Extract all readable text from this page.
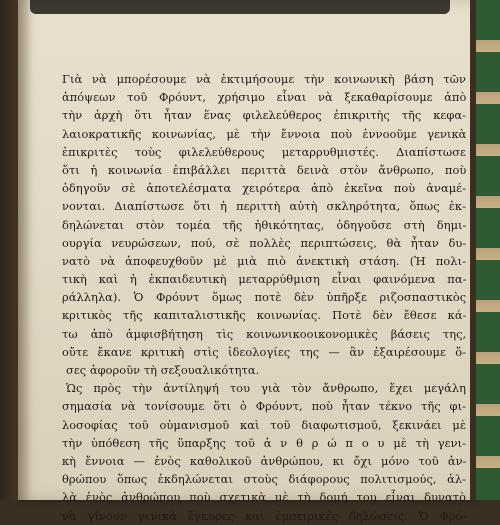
Γιὰ νὰ μπορέσουμε νὰ ἐκτιμήσουμε τὴν κοινωνικὴ βάση τῶν
ἀπόψεων τοῦ Φρόυντ, χρήσιμο εἶναι νὰ ξεκαθαρίσουμε ἀπὸ
τὴν ἀρχὴ ὅτι ἦταν ἕνας φιλελεύθερος ἐπικριτὴς τῆς κεφα-
λαιοκρατικῆς κοινωνίας, μὲ τὴν ἔννοια ποὺ ἐννοοῦμε γενικὰ
ἐπικριτὲς τοὺς φιλελεύθερους μεταρρυθμιστές. Διαπίστωσε
ὅτι ἡ κοινωνία ἐπιβάλλει περιττὰ δεινὰ στὸν ἄνθρωπο, ποὺ
ὁδηγοῦν σὲ ἀποτελέσματα χειρότερα ἀπὸ ἐκεῖνα ποὺ ἀναμέ-
νονται. Διαπίστωσε ὅτι ἡ περιττὴ αὐτὴ σκληρότητα, ὅπως ἐκ-
δηλώνεται στὸν τομέα τῆς ἠθικότητας, ὁδηγοῦσε στὴ δημι-
ουργία νευρώσεων, πού, σὲ πολλὲς περιπτώσεις, θὰ ἦταν δυ-
νατὸ νὰ ἀποφευχθοῦν μὲ μιὰ πιὸ ἀνεκτικὴ στάση. (Ἡ πολι-
τικὴ καὶ ἡ ἐκπαιδευτικὴ μεταρρύθμιση εἶναι φαινόμενα πα-
ράλληλα). Ὁ Φρόυντ ὅμως ποτὲ δὲν ὑπῆρξε ριζοσπαστικὸς
κριτικὸς τῆς καπιταλιστικῆς κοινωνίας. Ποτὲ δὲν ἔθεσε κά-
τω ἀπὸ ἀμφισβήτηση τὶς κοινωνικοοικονομικὲς βάσεις της,
οὔτε ἔκανε κριτικὴ στὶς ἰδεολογίες της — ἂν ἐξαιρέσουμε ὅ-
σες ἀφοροῦν τὴ σεξουαλικότητα.
Ὡς πρὸς τὴν ἀντίληψή του γιὰ τὸν ἄνθρωπο, ἔχει μεγάλη
σημασία νὰ τονίσουμε ὅτι ὁ Φρόυντ, ποὺ ἦταν τέκνο τῆς φι-
λοσοφίας τοῦ οὑμανισμοῦ καὶ τοῦ διαφωτισμοῦ, ξεκινάει μὲ
τὴν ὑπόθεση τῆς ὕπαρξης τοῦ ἀ ν θ ρ ώ π ο υ μὲ τὴ γενι-
κὴ ἔννοια — ἑνὸς καθολικοῦ ἀνθρώπου, κι ὄχι μόνο τοῦ ἀν-
θρώπου ὅπως ἐκδηλώνεται στοὺς διάφορους πολιτισμούς, ἀλ-
λὰ ἑνὸς ἀνθρώπου ποὺ σχετικὰ μὲ τὴ δομή του εἶναι δυνατὸ
νὰ γίνουν γενικὰ ἔγκυρες καὶ ἐμπειρικὲς δηλώσεις. Ὁ Φρό-
